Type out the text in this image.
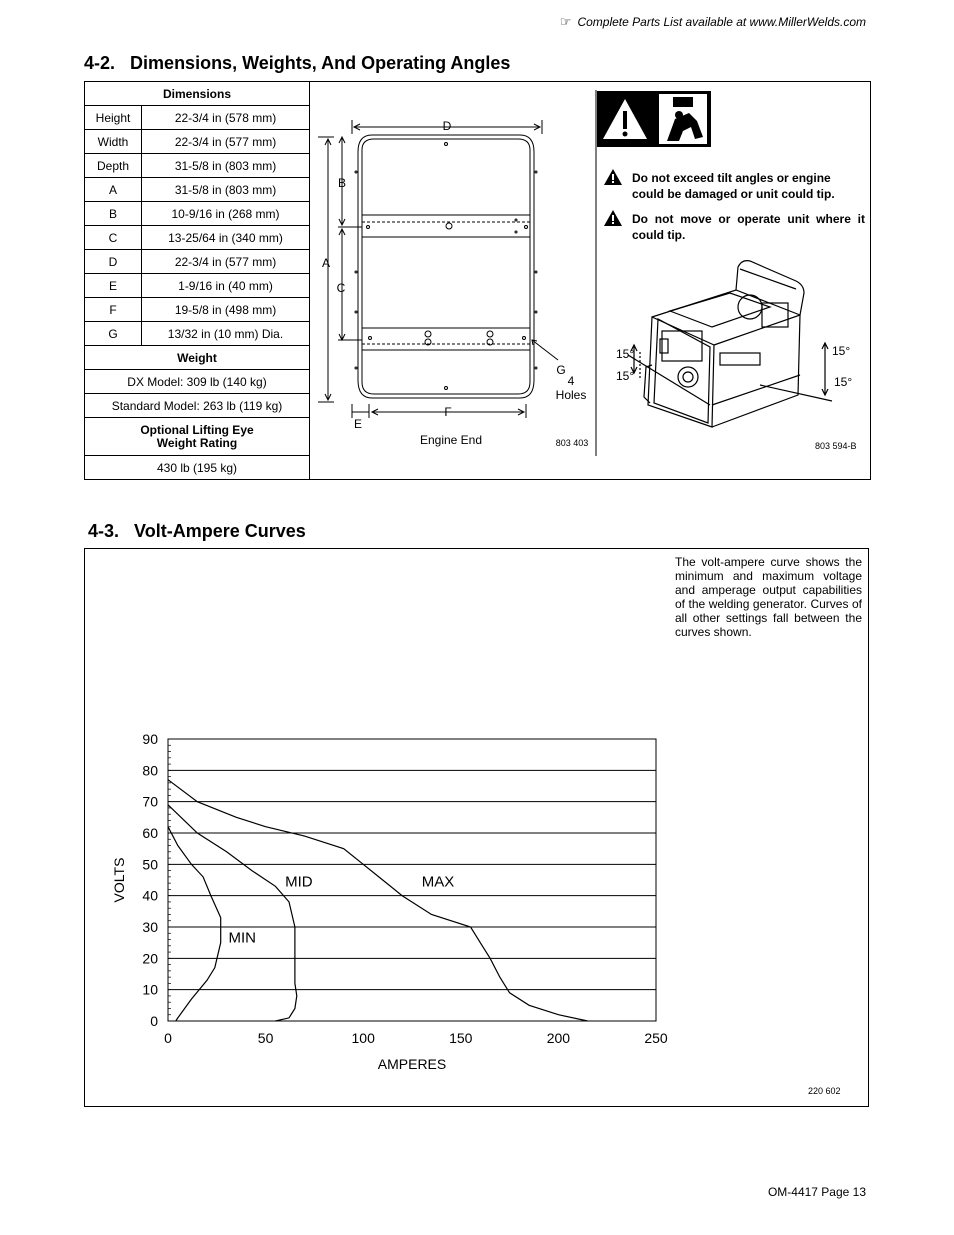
☞ Complete Parts List available at www.MillerWelds.com
4-2. Dimensions, Weights, And Operating Angles
Dimensions	
Height	22-3/4 in (578 mm)
Width	22-3/4 in (577 mm)
Depth	31-5/8 in (803 mm)
A	31-5/8 in (803 mm)
B	10-9/16 in (268 mm)
C	13-25/64 in (340 mm)
D	22-3/4 in (577 mm)
E	1-9/16 in (40 mm)
F	19-5/8 in (498 mm)
G	13/32 in (10 mm) Dia.
Weight	
DX Model: 309 lb (140 kg)	
Standard Model: 263 lb (119 kg)	
Optional Lifting Eye
Weight Rating	
430 lb (195 kg)	
D
B
A
C
G
4
Holes
E
F
Engine End	803 403
Do not exceed tilt angles or engine could be damaged or unit could tip.
Do not move or operate unit where it could tip.
15°
15°
15°
15°
803 594-B
4-3. Volt-Ampere Curves
The volt-ampere curve shows the minimum and maximum voltage and amperage output capabilities of the welding generator. Curves of all other settings fall between the curves shown.
0
10
20
30
40
50
60
70
80
90
0	50	100	150	200	250
AMPERES
VOLTS
MIN
MID	MAX
220 602
OM-4417 Page 13
